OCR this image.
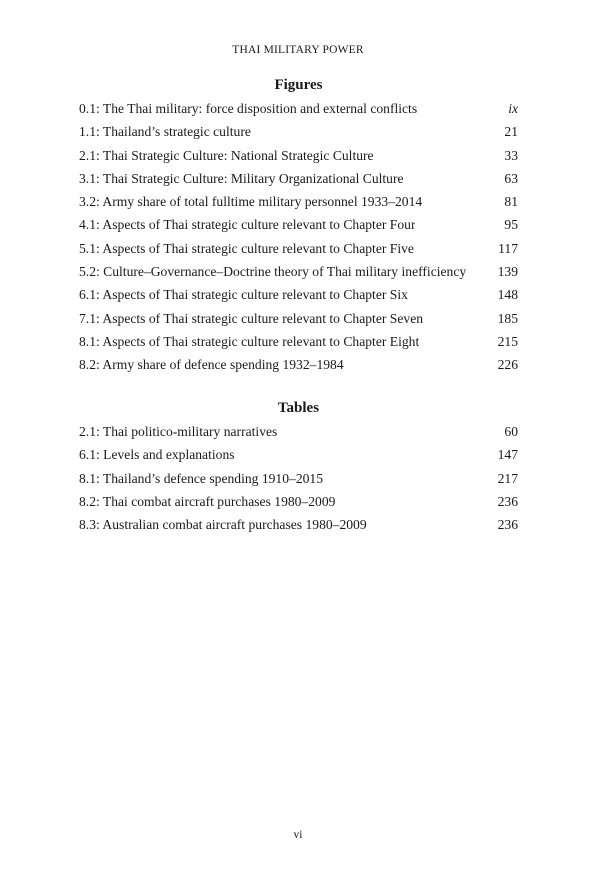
THAI MILITARY POWER
Figures
0.1: The Thai military: force disposition and external conflicts	ix
1.1: Thailand’s strategic culture	21
2.1: Thai Strategic Culture: National Strategic Culture	33
3.1: Thai Strategic Culture: Military Organizational Culture	63
3.2: Army share of total fulltime military personnel 1933–2014	81
4.1: Aspects of Thai strategic culture relevant to Chapter Four	95
5.1: Aspects of Thai strategic culture relevant to Chapter Five	117
5.2: Culture–Governance–Doctrine theory of Thai military inefficiency	139
6.1: Aspects of Thai strategic culture relevant to Chapter Six	148
7.1: Aspects of Thai strategic culture relevant to Chapter Seven	185
8.1: Aspects of Thai strategic culture relevant to Chapter Eight	215
8.2: Army share of defence spending 1932–1984	226
Tables
2.1: Thai politico-military narratives	60
6.1: Levels and explanations	147
8.1: Thailand’s defence spending 1910–2015	217
8.2: Thai combat aircraft purchases 1980–2009	236
8.3: Australian combat aircraft purchases 1980–2009	236
vi
